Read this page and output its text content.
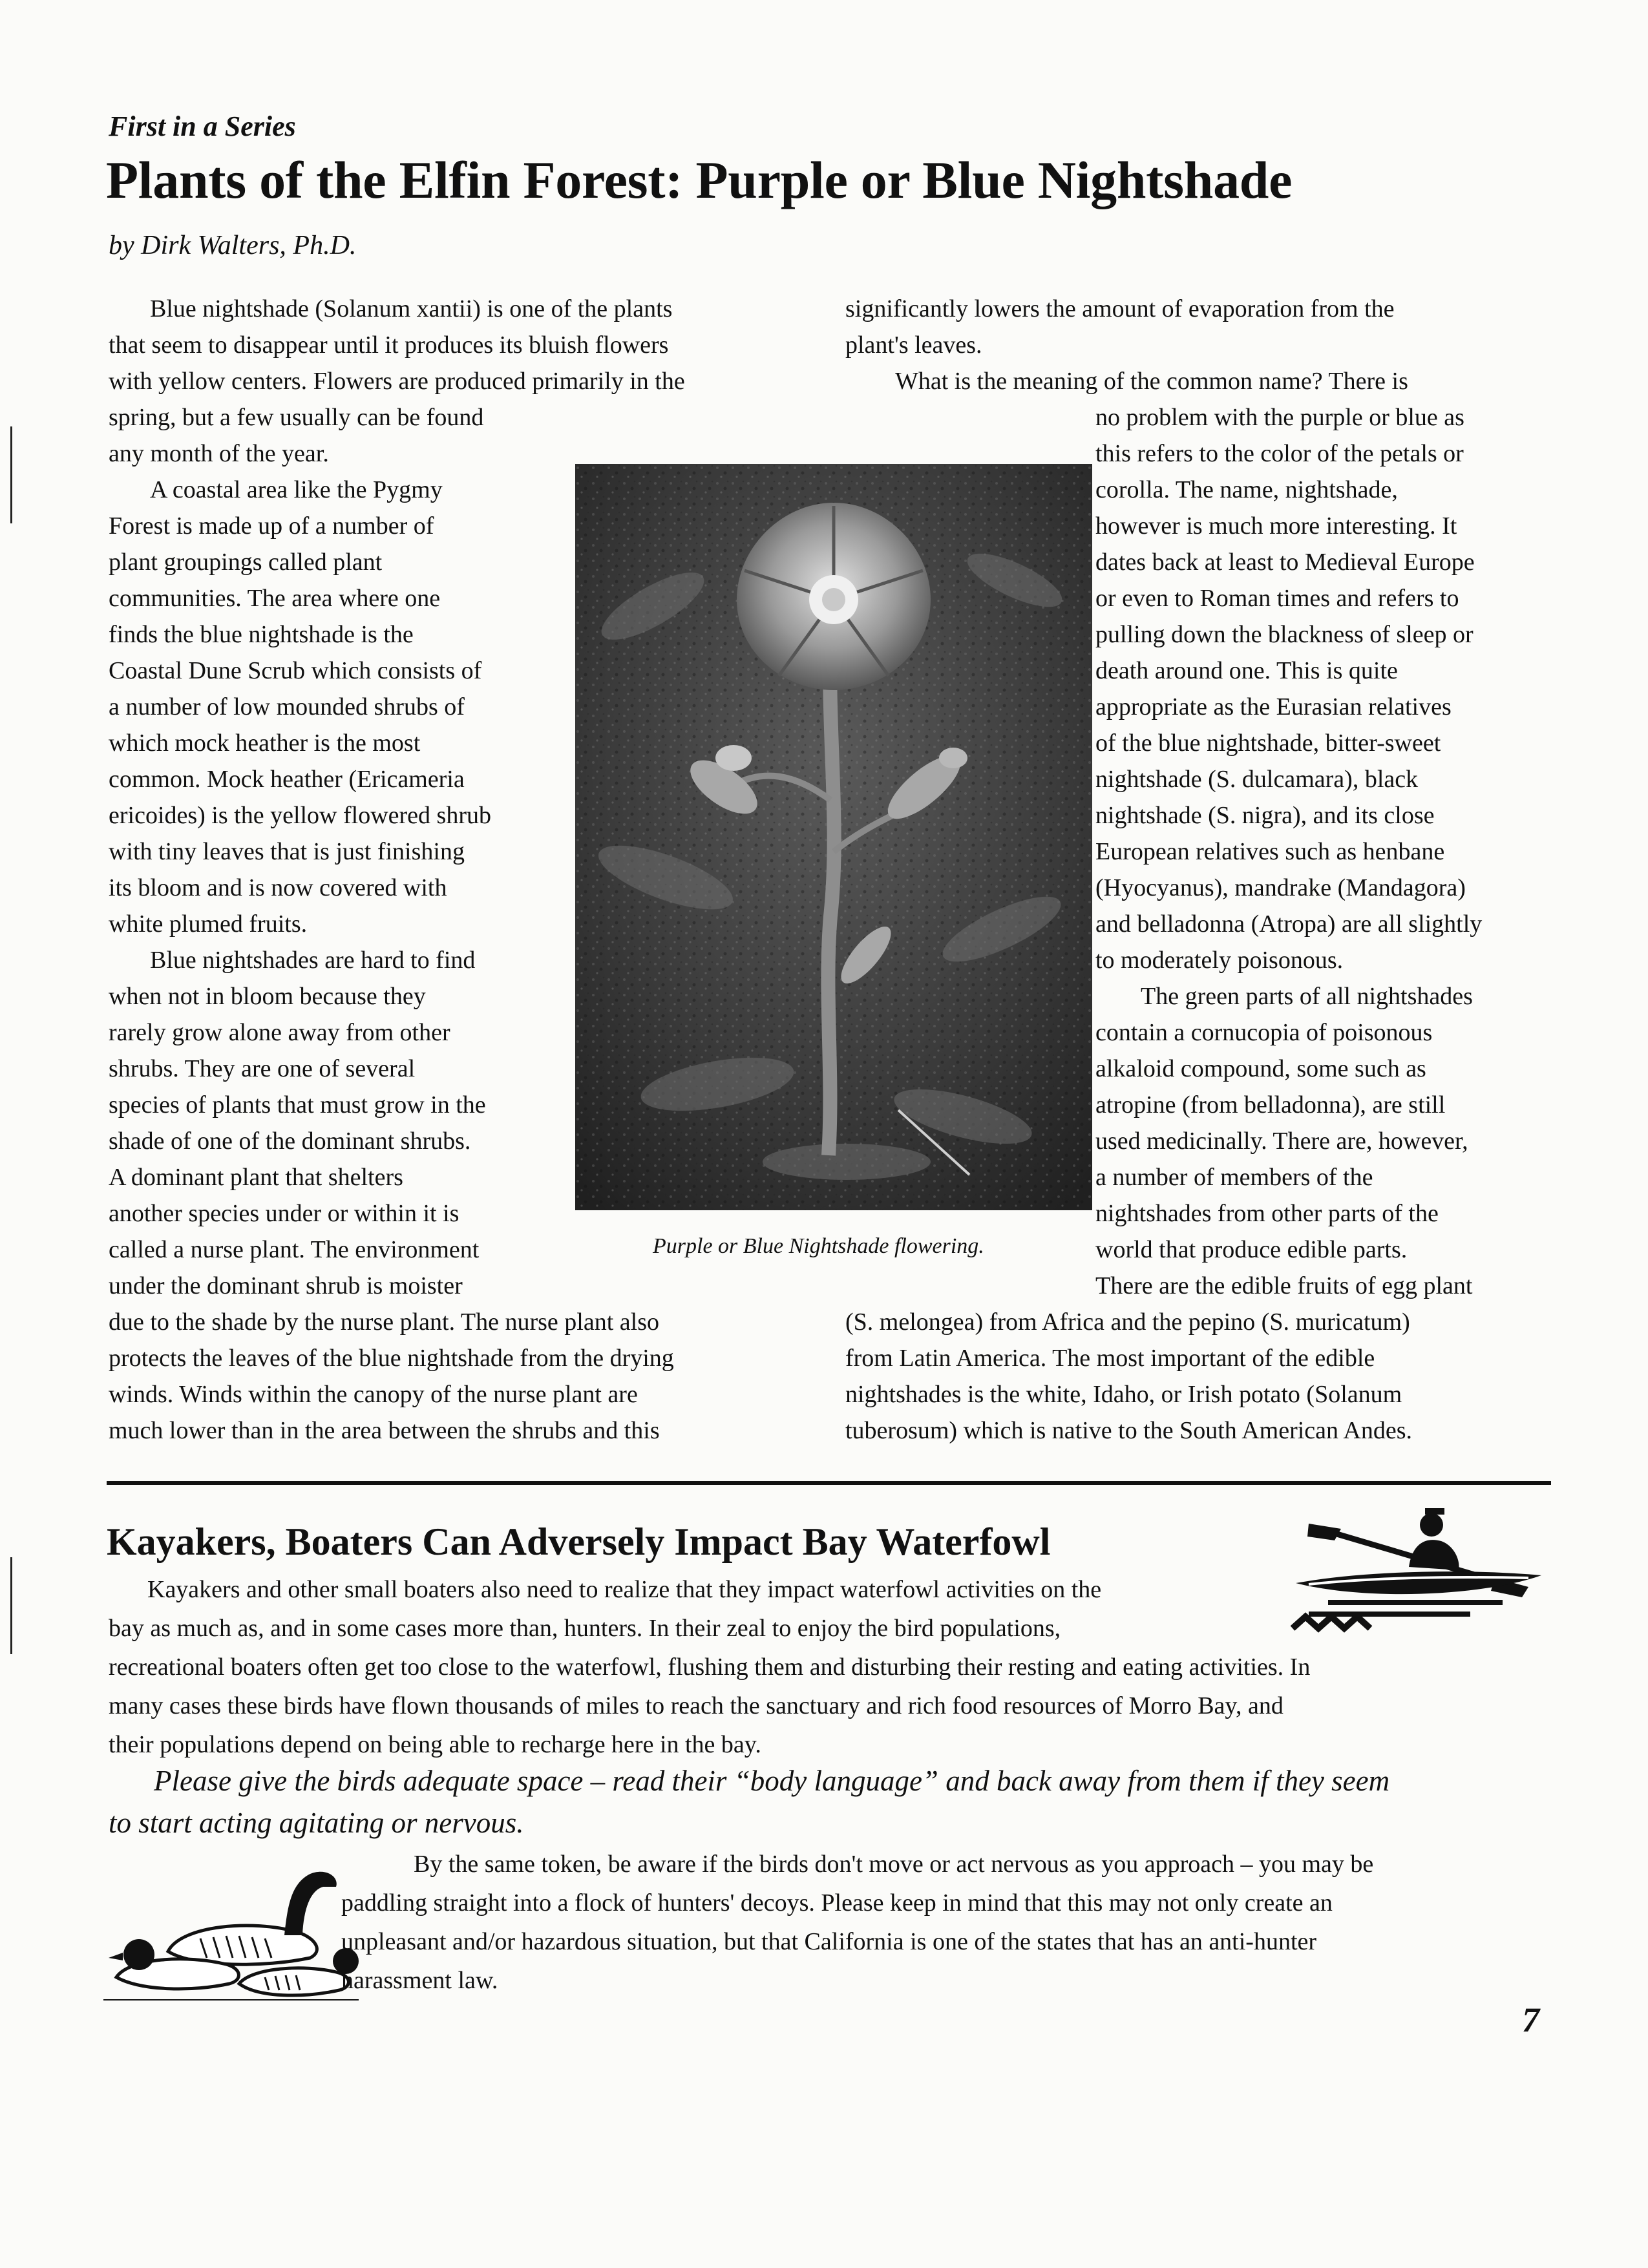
First in a Series
Plants of the Elfin Forest: Purple or Blue Nightshade
by Dirk Walters, Ph.D.
Blue nightshade (Solanum xantii) is one of the plants
that seem to disappear until it produces its bluish flowers
with yellow centers. Flowers are produced primarily in the
spring, but a few usually can be found
any month of the year.
A coastal area like the Pygmy
Forest is made up of a number of
plant groupings called plant
communities. The area where one
finds the blue nightshade is the
Coastal Dune Scrub which consists of
a number of low mounded shrubs of
which mock heather is the most
common. Mock heather (Ericameria
ericoides) is the yellow flowered shrub
with tiny leaves that is just finishing
its bloom and is now covered with
white plumed fruits.
Blue nightshades are hard to find
when not in bloom because they
rarely grow alone away from other
shrubs. They are one of several
species of plants that must grow in the
shade of one of the dominant shrubs.
A dominant plant that shelters
another species under or within it is
called a nurse plant. The environment
under the dominant shrub is moister
due to the shade by the nurse plant. The nurse plant also
protects the leaves of the blue nightshade from the drying
winds. Winds within the canopy of the nurse plant are
much lower than in the area between the shrubs and this
significantly lowers the amount of evaporation from the
plant's leaves.
What is the meaning of the common name? There is
no problem with the purple or blue as
this refers to the color of the petals or
corolla. The name, nightshade,
however is much more interesting. It
dates back at least to Medieval Europe
or even to Roman times and refers to
pulling down the blackness of sleep or
death around one. This is quite
appropriate as the Eurasian relatives
of the blue nightshade, bitter-sweet
nightshade (S. dulcamara), black
nightshade (S. nigra), and its close
European relatives such as henbane
(Hyocyanus), mandrake (Mandagora)
and belladonna (Atropa) are all slightly
to moderately poisonous.
The green parts of all nightshades
contain a cornucopia of poisonous
alkaloid compound, some such as
atropine (from belladonna), are still
used medicinally. There are, however,
a number of members of the
nightshades from other parts of the
world that produce edible parts.
There are the edible fruits of egg plant
(S. melongea) from Africa and the pepino (S. muricatum)
from Latin America. The most important of the edible
nightshades is the white, Idaho, or Irish potato (Solanum
tuberosum) which is native to the South American Andes.
Purple or Blue Nightshade flowering.
Kayakers, Boaters Can Adversely Impact Bay Waterfowl
Kayakers and other small boaters also need to realize that they impact waterfowl activities on the
bay as much as, and in some cases more than, hunters. In their zeal to enjoy the bird populations,
recreational boaters often get too close to the waterfowl, flushing them and disturbing their resting and eating activities. In
many cases these birds have flown thousands of miles to reach the sanctuary and rich food resources of Morro Bay, and
their populations depend on being able to recharge here in the bay.
Please give the birds adequate space – read their “body language” and back away from them if they seem
to start acting agitating or nervous.
By the same token, be aware if the birds don't move or act nervous as you approach – you may be
paddling straight into a flock of hunters' decoys. Please keep in mind that this may not only create an
unpleasant and/or hazardous situation, but that California is one of the states that has an anti-hunter
harassment law.
7
